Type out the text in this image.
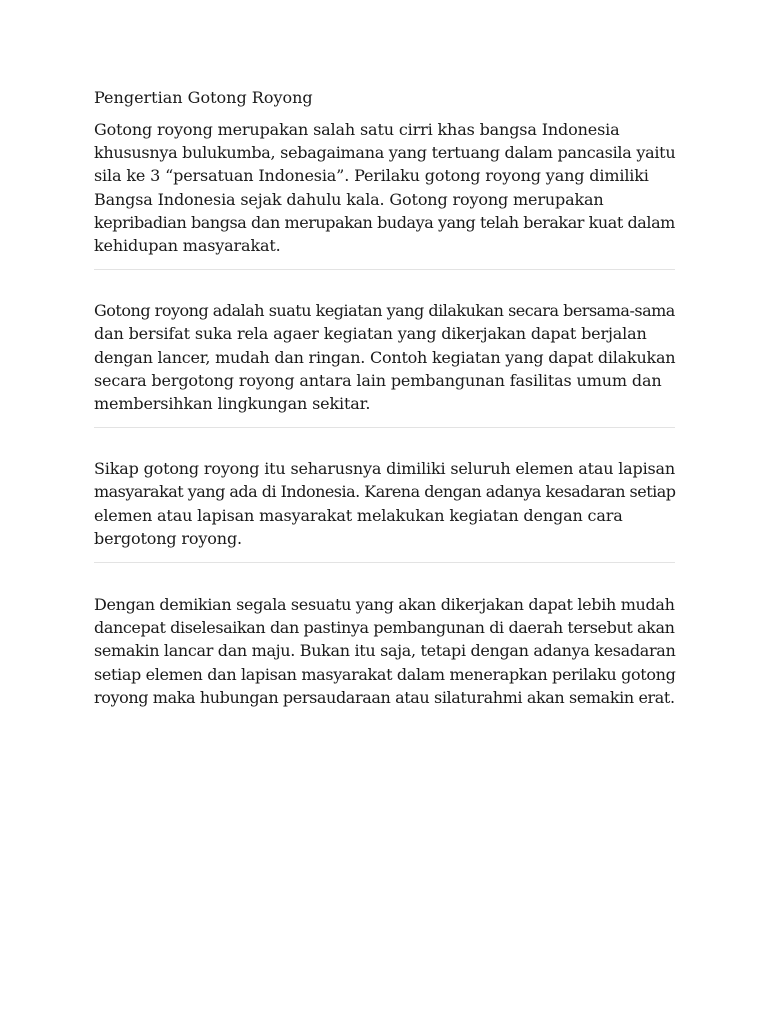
Pengertian Gotong Royong

Gotong royong merupakan salah satu cirri khas bangsa Indonesia
khususnya bulukumba, sebagaimana yang tertuang dalam pancasila yaitu
sila ke 3 “persatuan Indonesia”. Perilaku gotong royong yang dimiliki
Bangsa Indonesia sejak dahulu kala. Gotong royong merupakan
kepribadian bangsa dan merupakan budaya yang telah berakar kuat dalam
kehidupan masyarakat.

Gotong royong adalah suatu kegiatan yang dilakukan secara bersama-sama
dan bersifat suka rela agaer kegiatan yang dikerjakan dapat berjalan
dengan lancer, mudah dan ringan. Contoh kegiatan yang dapat dilakukan
secara bergotong royong antara lain pembangunan fasilitas umum dan
membersihkan lingkungan sekitar.

Sikap gotong royong itu seharusnya dimiliki seluruh elemen atau lapisan
masyarakat yang ada di Indonesia. Karena dengan adanya kesadaran setiap
elemen atau lapisan masyarakat melakukan kegiatan dengan cara
bergotong royong.

Dengan demikian segala sesuatu yang akan dikerjakan dapat lebih mudah
dancepat diselesaikan dan pastinya pembangunan di daerah tersebut akan
semakin lancar dan maju. Bukan itu saja, tetapi dengan adanya kesadaran
setiap elemen dan lapisan masyarakat dalam menerapkan perilaku gotong
royong maka hubungan persaudaraan atau silaturahmi akan semakin erat.
